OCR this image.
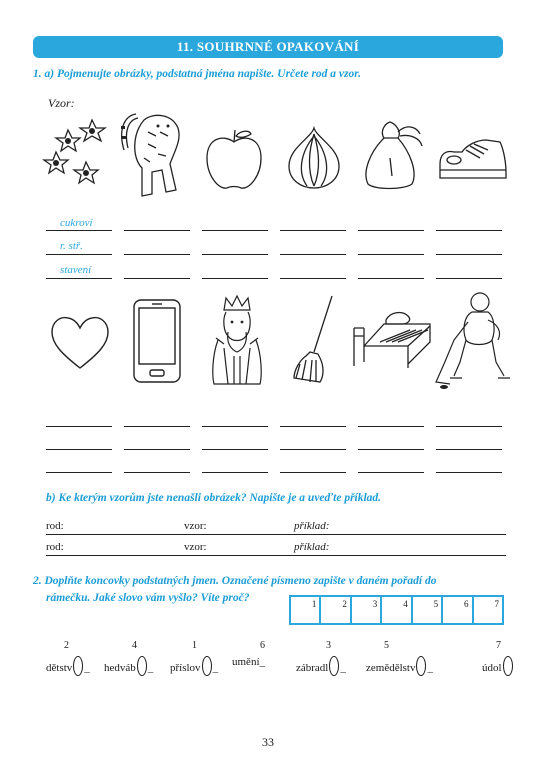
11. SOUHRNNÉ OPAKOVÁNÍ
1. a) Pojmenujte obrázky, podstatná jména napište. Určete rod a vzor.
Vzor:
cukroví
r. stř.
stavení
b) Ke kterým vzorům jste nenašli obrázek? Napište je a uveďte příklad.
rod:	vzor:	příklad:
rod:	vzor:	příklad:
2. Doplňte koncovky podstatných jmen. Označené písmeno zapište v daném pořadí do
rámečku. Jaké slovo vám vyšlo? Víte proč?	1	2	3	4	5	6	7
2
dětstv _
4
hedváb _
1
příslov _
6
umění_
3
zábradl _
5
zemědělstv _
7
údol
33
